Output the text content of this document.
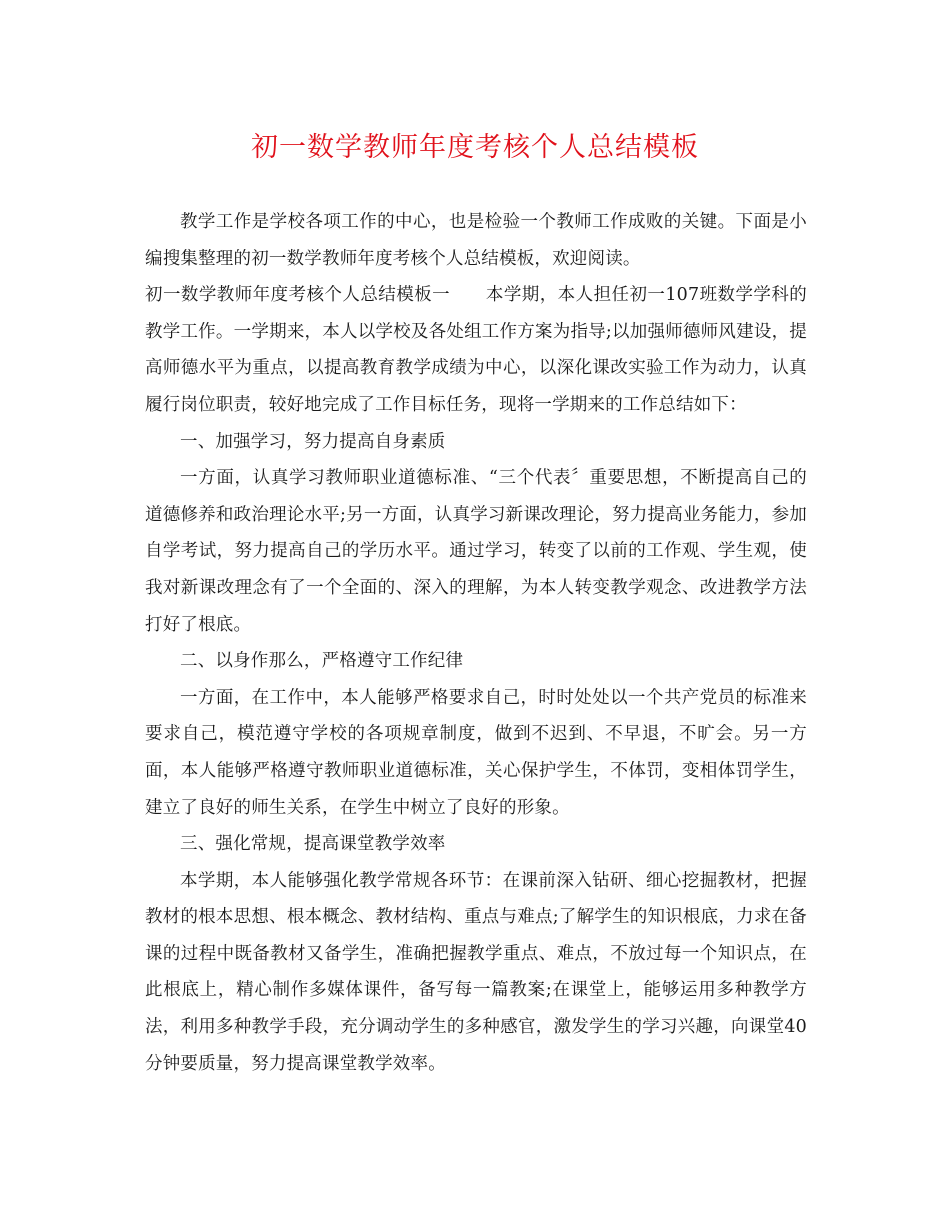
初一数学教师年度考核个人总结模板

教学工作是学校各项工作的中心，也是检验一个教师工作成败的关键。下面是小编搜集整理的初一数学教师年度考核个人总结模板，欢迎阅读。

初一数学教师年度考核个人总结模板一　　本学期，本人担任初一107班数学学科的教学工作。一学期来，本人以学校及各处组工作方案为指导;以加强师德师风建设，提高师德水平为重点，以提高教育教学成绩为中心，以深化课改实验工作为动力，认真履行岗位职责，较好地完成了工作目标任务，现将一学期来的工作总结如下：

一、加强学习，努力提高自身素质

一方面，认真学习教师职业道德标准、“三个代表〞重要思想，不断提高自己的道德修养和政治理论水平;另一方面，认真学习新课改理论，努力提高业务能力，参加自学考试，努力提高自己的学历水平。通过学习，转变了以前的工作观、学生观，使我对新课改理念有了一个全面的、深入的理解，为本人转变教学观念、改进教学方法打好了根底。

二、以身作那么，严格遵守工作纪律

一方面，在工作中，本人能够严格要求自己，时时处处以一个共产党员的标准来要求自己，模范遵守学校的各项规章制度，做到不迟到、不早退，不旷会。另一方面，本人能够严格遵守教师职业道德标准，关心保护学生，不体罚，变相体罚学生，建立了良好的师生关系，在学生中树立了良好的形象。

三、强化常规，提高课堂教学效率

本学期，本人能够强化教学常规各环节：在课前深入钻研、细心挖掘教材，把握教材的根本思想、根本概念、教材结构、重点与难点;了解学生的知识根底，力求在备课的过程中既备教材又备学生，准确把握教学重点、难点，不放过每一个知识点，在此根底上，精心制作多媒体课件，备写每一篇教案;在课堂上，能够运用多种教学方法，利用多种教学手段，充分调动学生的多种感官，激发学生的学习兴趣，向课堂40分钟要质量，努力提高课堂教学效率。
